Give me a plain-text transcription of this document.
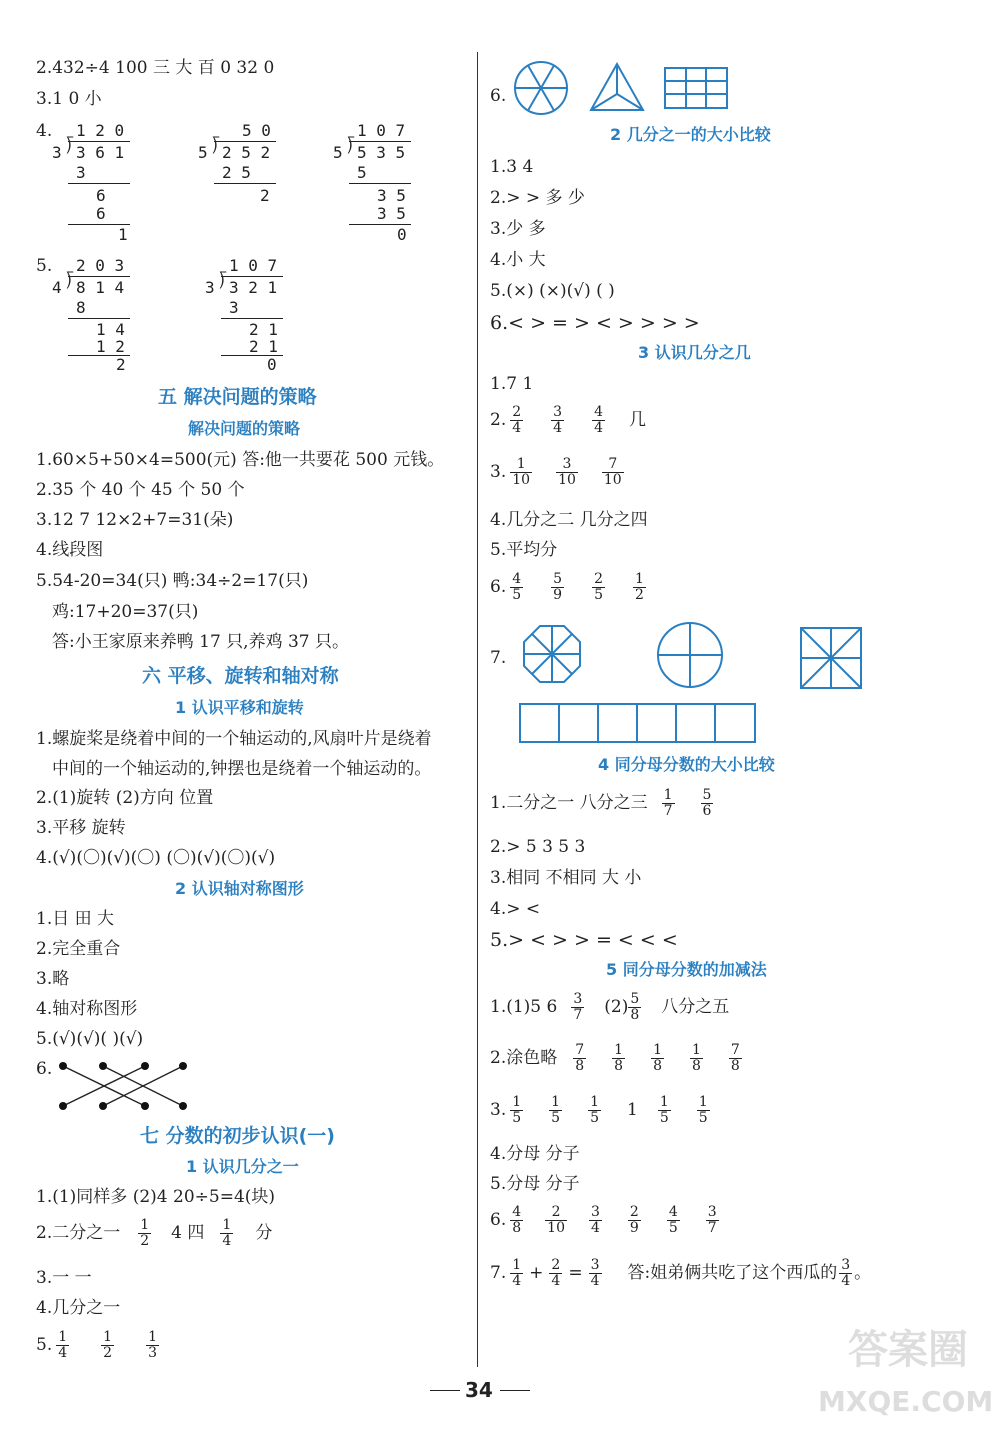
2.432÷4 100 三 大 百 0 32 0
3.1 0 小
4. 1 2 0
3 ⟌ 3 6 1
3
6
6
1
5 0
5 ⟌ 2 5 2
2 5
2
1 0 7
5 ⟌ 5 3 5
5
3 5
3 5
0
5. 2 0 3
4 ⟌ 8 1 4
8
1 4
1 2
2
1 0 7
3 ⟌ 3 2 1
3
2 1
2 1
0
五 解决问题的策略
解决问题的策略
1.60×5+50×4=500(元) 答:他一共要花 500 元钱。
2.35 个 40 个 45 个 50 个
3.12 7 12×2+7=31(朵)
4.线段图
5.54-20=34(只) 鸭:34÷2=17(只)
鸡:17+20=37(只)
答:小王家原来养鸭 17 只,养鸡 37 只。
六 平移、旋转和轴对称
1 认识平移和旋转
1.螺旋桨是绕着中间的一个轴运动的,风扇叶片是绕着
中间的一个轴运动的,钟摆也是绕着一个轴运动的。
2.(1)旋转 (2)方向 位置
3.平移 旋转
4.(√)(〇)(√)(〇) (〇)(√)(〇)(√)
2 认识轴对称图形
1.日 田 大
2.完全重合
3.略
4.轴对称图形
5.(√)(√)( )(√)
6.
七 分数的初步认识(一)
1 认识几分之一
1.(1)同样多 (2)4 20÷5=4(块)
2.二分之一 $\frac{1}{2} 4$ 四 $\frac{1}{4}$ 分
3.一 一
4.几分之一
5. $\frac{1}{4} \frac{1}{2} \frac{1}{3}$
6.
2 几分之一的大小比较
1.3 4
2.> > 多 少
3.少 多
4.小 大
5.(×) (×)(√) ( )
6.< > = > < > > > >
3 认识几分之几
1.7 1
2. $\frac{2}{4} \frac{3}{4} \frac{4}{4}$ 几
3. $\frac{1}{10} \frac{3}{10} \frac{7}{10}$
4.几分之二 几分之四
5.平均分
6. $\frac{4}{5} \frac{5}{9} \frac{2}{5} \frac{1}{2}$
7.
4 同分母分数的大小比较
1.二分之一 八分之三 $\frac{1}{7} \frac{5}{6}$
2.> 5 3 5 3
3.相同 不相同 大 小
4.> <
5.> < > > = < < <
5 同分母分数的加减法
1.(1)5 $6 \frac{3}{7} (2) \frac{5}{8}$ 八分之五
2.涂色略 $\frac{7}{8} \frac{1}{8} \frac{1}{8} \frac{1}{8} \frac{7}{8}$
3. $\frac{1}{5} \frac{1}{5} \frac{1}{5} 1 \frac{1}{5} \frac{1}{5}$
4.分母 分子
5.分母 分子
6. $\frac{4}{8} \frac{2}{10} \frac{3}{4} \frac{2}{9} \frac{4}{5} \frac{3}{7}$
7. $\frac{1}{4} + \frac{2}{4} = \frac{3}{4}$ 答:姐弟俩共吃了这个西瓜的 $\frac{3}{4}$ 。
34
答案圈
MXQE.COM
